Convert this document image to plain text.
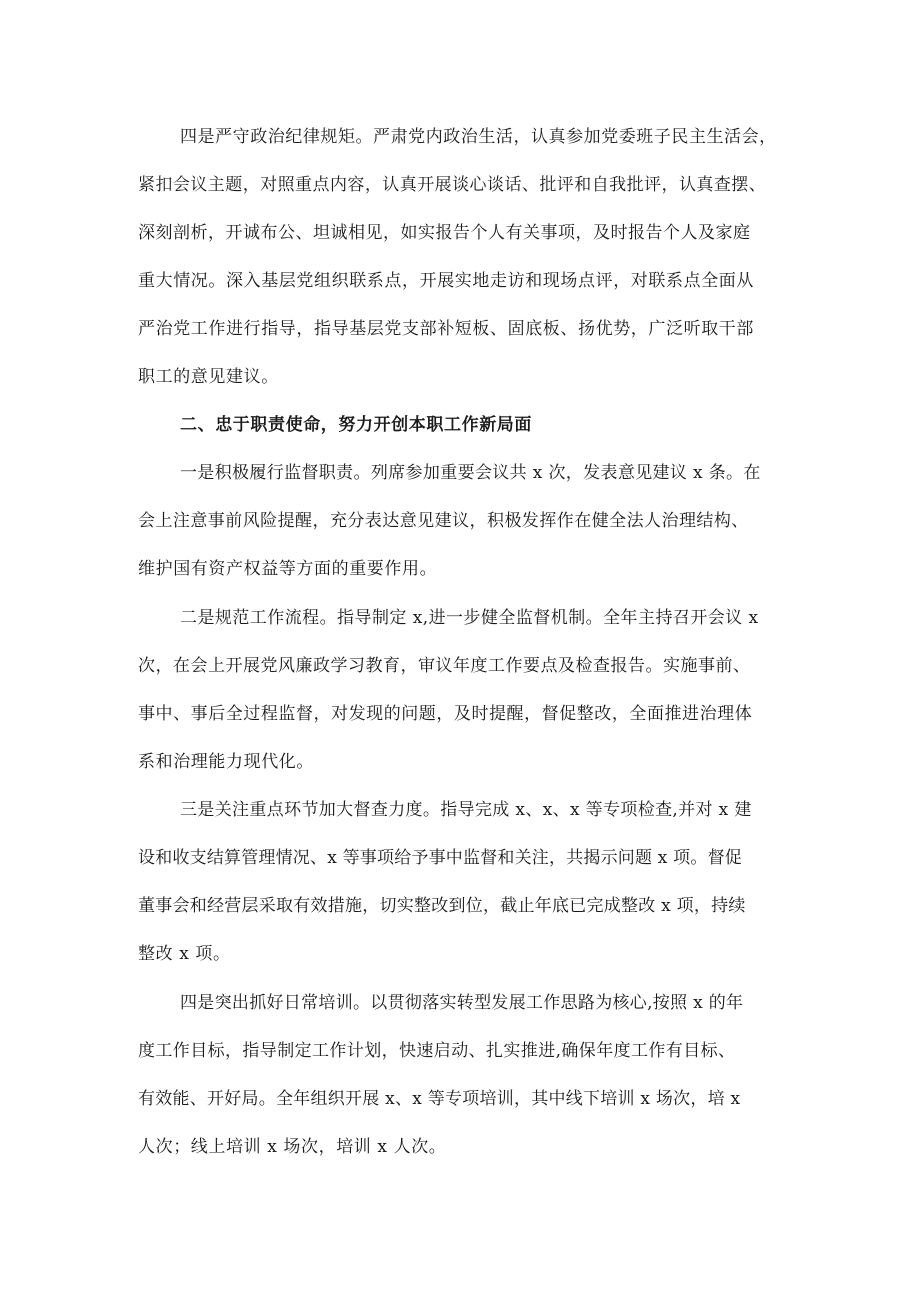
四是严守政治纪律规矩。严肃党内政治生活，认真参加党委班子民主生活会，
紧扣会议主题，对照重点内容，认真开展谈心谈话、批评和自我批评，认真查摆、
深刻剖析，开诚布公、坦诚相见，如实报告个人有关事项，及时报告个人及家庭
重大情况。深入基层党组织联系点，开展实地走访和现场点评，对联系点全面从
严治党工作进行指导，指导基层党支部补短板、固底板、扬优势，广泛听取干部
职工的意见建议。
二、忠于职责使命，努力开创本职工作新局面
一是积极履行监督职责。列席参加重要会议共 x 次，发表意见建议 x 条。在
会上注意事前风险提醒，充分表达意见建议，积极发挥作在健全法人治理结构、
维护国有资产权益等方面的重要作用。
二是规范工作流程。指导制定 x,进一步健全监督机制。全年主持召开会议 x
次，在会上开展党风廉政学习教育，审议年度工作要点及检查报告。实施事前、
事中、事后全过程监督，对发现的问题，及时提醒，督促整改，全面推进治理体
系和治理能力现代化。
三是关注重点环节加大督查力度。指导完成 x、x、x 等专项检查,并对 x 建
设和收支结算管理情况、x 等事项给予事中监督和关注，共揭示问题 x 项。督促
董事会和经营层采取有效措施，切实整改到位，截止年底已完成整改 x 项，持续
整改 x 项。
四是突出抓好日常培训。以贯彻落实转型发展工作思路为核心,按照 x 的年
度工作目标，指导制定工作计划，快速启动、扎实推进,确保年度工作有目标、
有效能、开好局。全年组织开展 x、x 等专项培训，其中线下培训 x 场次，培 x
人次；线上培训 x 场次，培训 x 人次。
